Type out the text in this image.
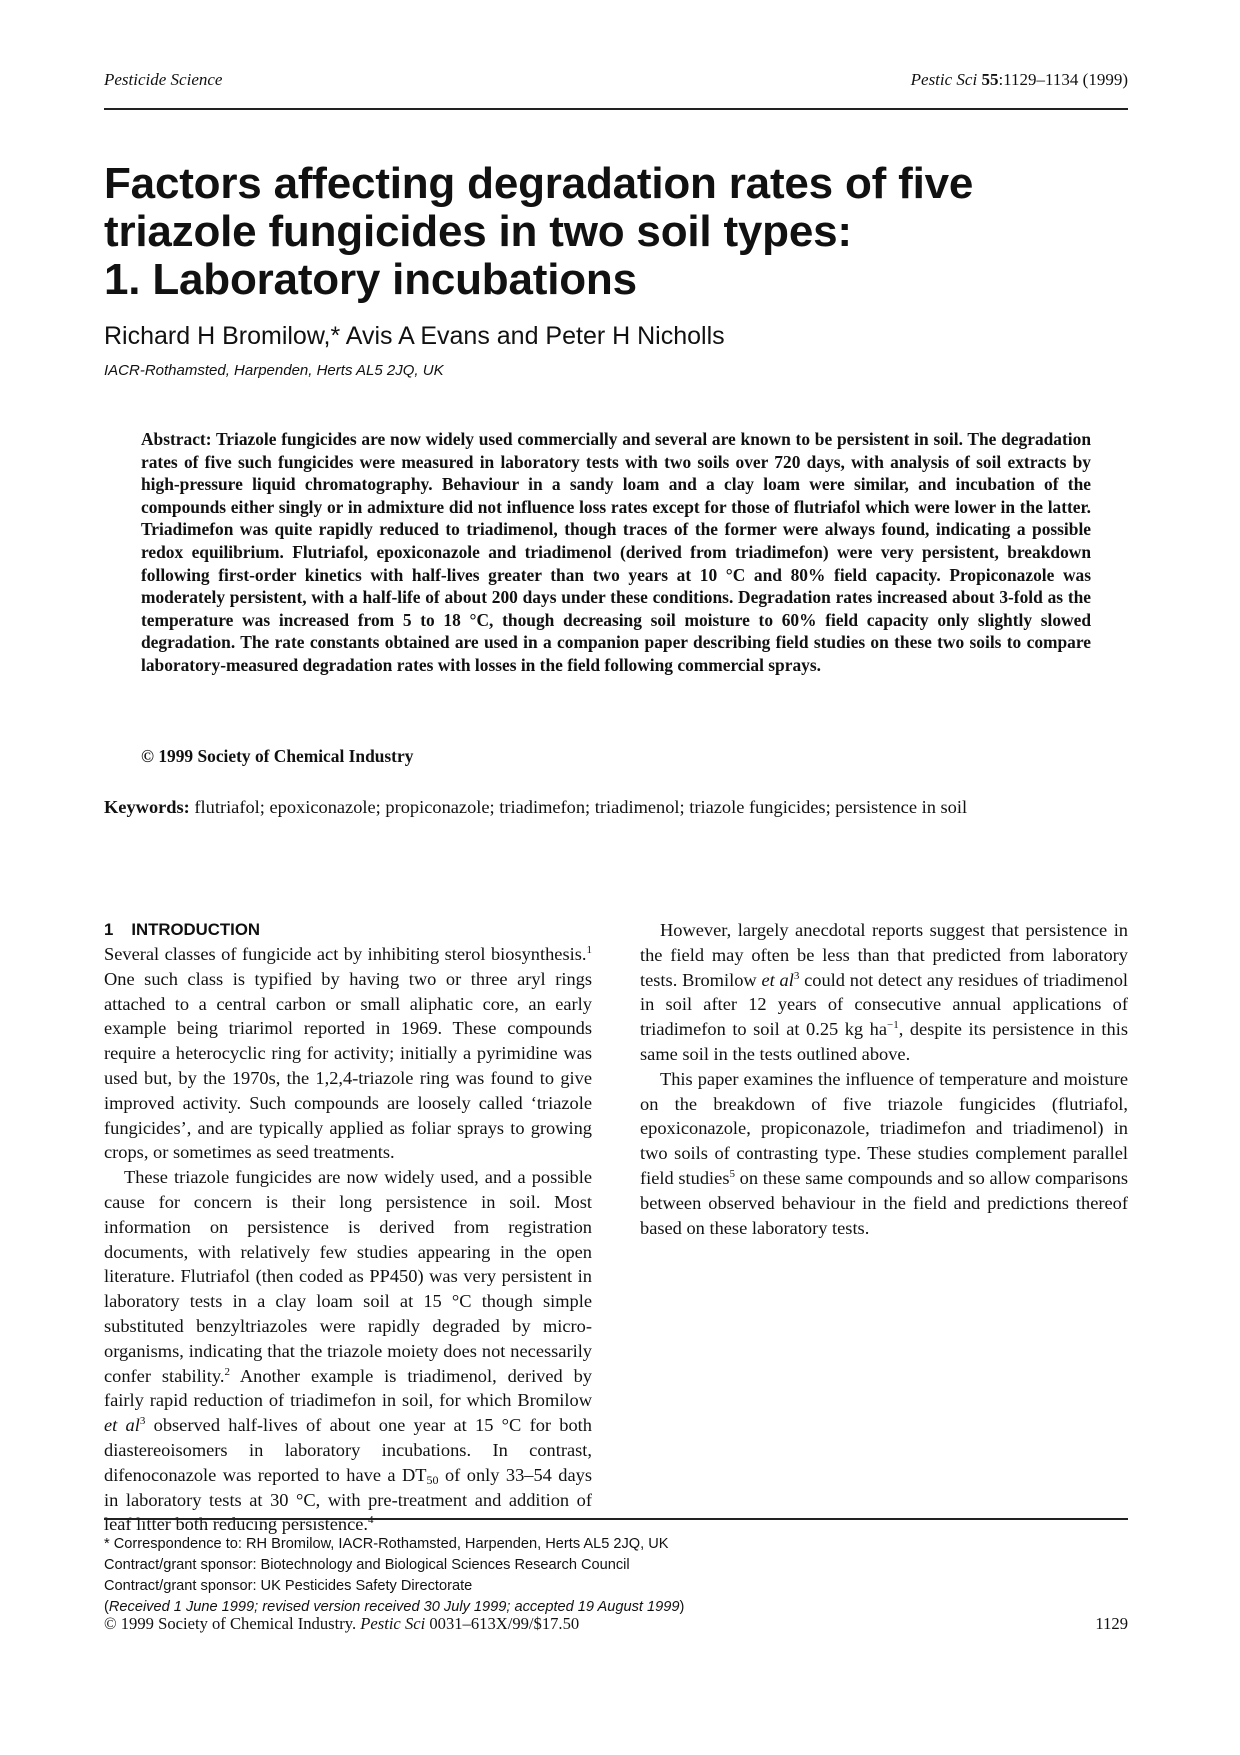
Pesticide Science	Pestic Sci 55:1129–1134 (1999)
Factors affecting degradation rates of five
triazole fungicides in two soil types:
1. Laboratory incubations
Richard H Bromilow,* Avis A Evans and Peter H Nicholls
IACR-Rothamsted, Harpenden, Herts AL5 2JQ, UK

Abstract: Triazole fungicides are now widely used commercially and several are known to be persistent in soil. The degradation rates of five such fungicides were measured in laboratory tests with two soils over 720 days, with analysis of soil extracts by high-pressure liquid chromatography. Behaviour in a sandy loam and a clay loam were similar, and incubation of the compounds either singly or in admixture did not influence loss rates except for those of flutriafol which were lower in the latter. Triadimefon was quite rapidly reduced to triadimenol, though traces of the former were always found, indicating a possible redox equilibrium. Flutriafol, epoxiconazole and triadimenol (derived from triadimefon) were very persistent, breakdown following first-order kinetics with half-lives greater than two years at 10 °C and 80% field capacity. Propiconazole was moderately persistent, with a half-life of about 200 days under these conditions. Degradation rates increased about 3-fold as the temperature was increased from 5 to 18 °C, though decreasing soil moisture to 60% field capacity only slightly slowed degradation. The rate constants obtained are used in a companion paper describing field studies on these two soils to compare laboratory-measured degradation rates with losses in the field following commercial sprays.

© 1999 Society of Chemical Industry

Keywords: flutriafol; epoxiconazole; propiconazole; triadimefon; triadimenol; triazole fungicides; persistence in soil

1 INTRODUCTION

Several classes of fungicide act by inhibiting sterol biosynthesis.$^1$ One such class is typified by having two or three aryl rings attached to a central carbon or small aliphatic core, an early example being triarimol reported in 1969. These compounds require a heterocyclic ring for activity; initially a pyrimidine was used but, by the 1970s, the 1,2,4-triazole ring was found to give improved activity. Such compounds are loosely called ‘triazole fungicides’, and are typically applied as foliar sprays to growing crops, or sometimes as seed treatments.

These triazole fungicides are now widely used, and a possible cause for concern is their long persistence in soil. Most information on persistence is derived from registration documents, with relatively few studies appearing in the open literature. Flutriafol (then coded as PP450) was very persistent in laboratory tests in a clay loam soil at 15 °C though simple substituted benzyltriazoles were rapidly degraded by micro-organisms, indicating that the triazole moiety does not necessarily confer stability.$^2$ Another example is triadimenol, derived by fairly rapid reduction of triadimefon in soil, for which Bromilow et $al^3$ observed half-lives of about one year at 15 °C for both diastereoisomers in laboratory incubations. In contrast, difenoconazole was reported to have a $DT_{50}$ of only 33–54 days in laboratory tests at 30 °C, with pre-treatment and addition of leaf litter both reducing persistence.$^4$

However, largely anecdotal reports suggest that persistence in the field may often be less than that predicted from laboratory tests. Bromilow et $al^3$ could not detect any residues of triadimenol in soil after 12 years of consecutive annual applications of triadimefon to soil at 0.25 kg $ha^{-1}$, despite its persistence in this same soil in the tests outlined above.

This paper examines the influence of temperature and moisture on the breakdown of five triazole fungicides (flutriafol, epoxiconazole, propiconazole, triadimefon and triadimenol) in two soils of contrasting type. These studies complement parallel field studies$^5$ on these same compounds and so allow comparisons between observed behaviour in the field and predictions thereof based on these laboratory tests.

* Correspondence to: RH Bromilow, IACR-Rothamsted, Harpenden, Herts AL5 2JQ, UK
Contract/grant sponsor: Biotechnology and Biological Sciences Research Council
Contract/grant sponsor: UK Pesticides Safety Directorate
(Received 1 June 1999; revised version received 30 July 1999; accepted 19 August 1999)
© 1999 Society of Chemical Industry. Pestic Sci 0031–613X/99/$17.50	1129
